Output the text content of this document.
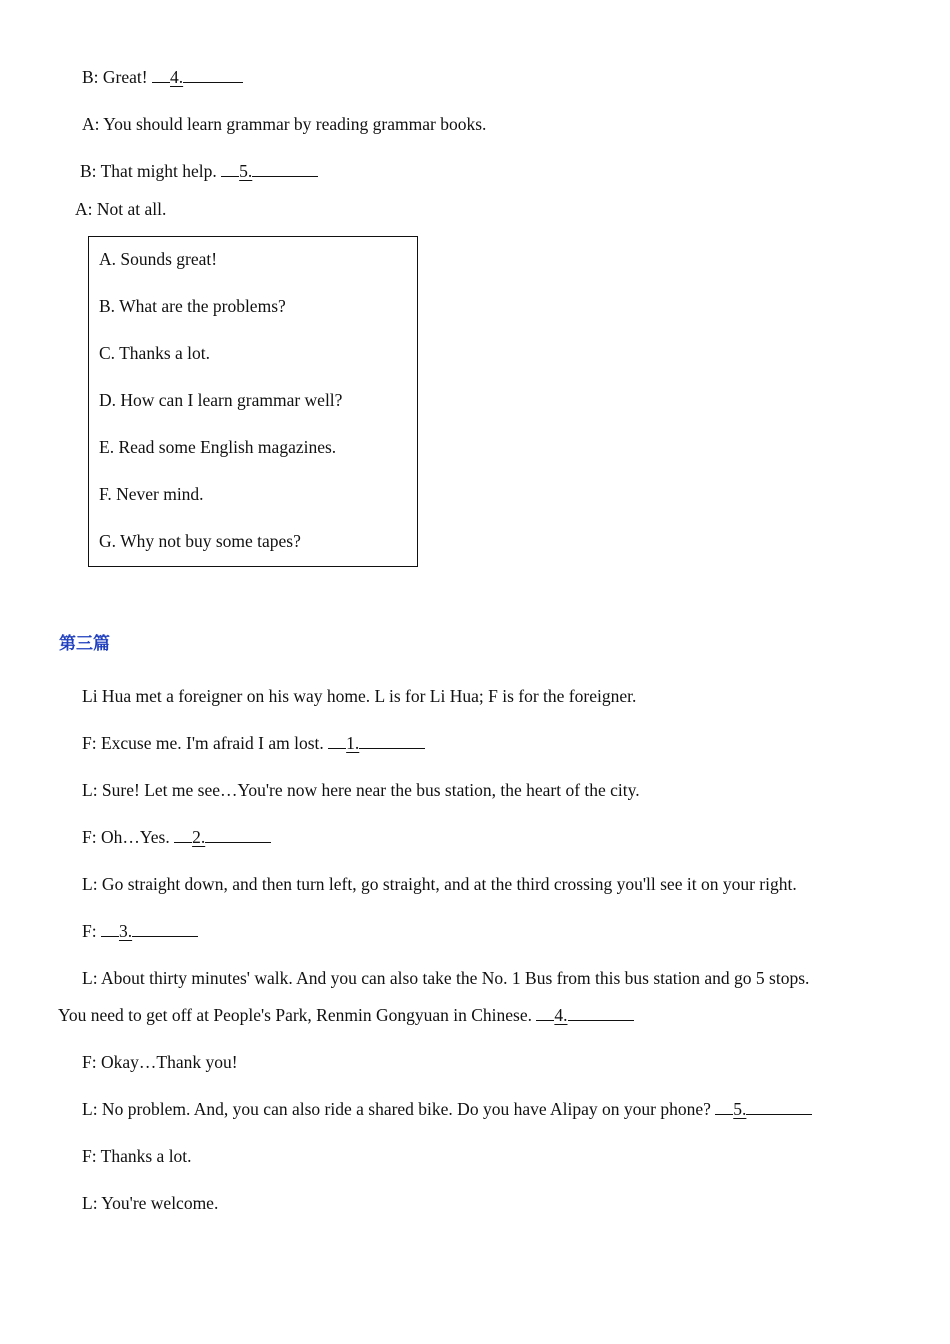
B: Great! 4.
A: You should learn grammar by reading grammar books.
B: That might help. 5.
A: Not at all.
A. Sounds great!
B. What are the problems?
C. Thanks a lot.
D. How can I learn grammar well?
E. Read some English magazines.
F. Never mind.
G. Why not buy some tapes?
第三篇
Li Hua met a foreigner on his way home. L is for Li Hua; F is for the foreigner.
F: Excuse me. I'm afraid I am lost. 1.
L: Sure! Let me see…You're now here near the bus station, the heart of the city.
F: Oh…Yes. 2.
L: Go straight down, and then turn left, go straight, and at the third crossing you'll see it on your right.
F: 3.
L: About thirty minutes' walk. And you can also take the No. 1 Bus from this bus station and go 5 stops.
You need to get off at People's Park, Renmin Gongyuan in Chinese. 4.
F: Okay…Thank you!
L: No problem. And, you can also ride a shared bike. Do you have Alipay on your phone? 5.
F: Thanks a lot.
L: You're welcome.
